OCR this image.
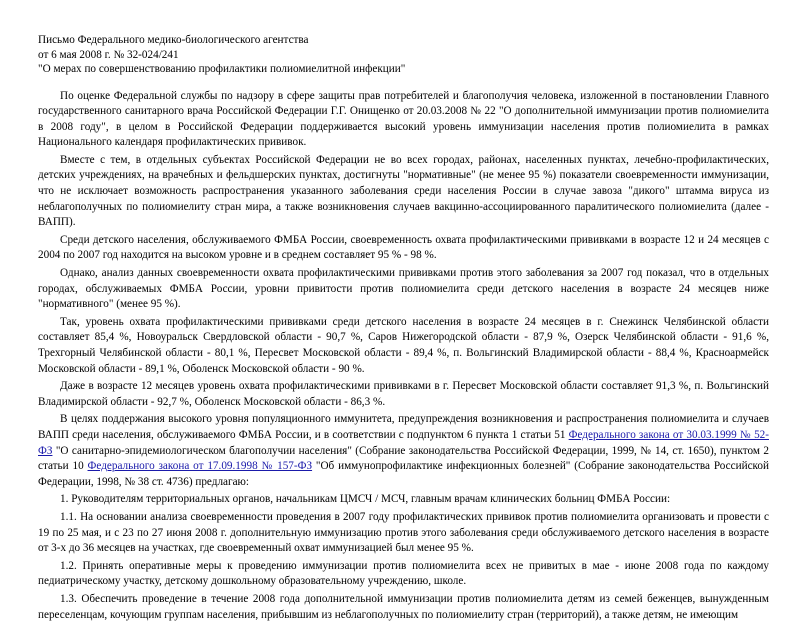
Письмо Федерального медико-биологического агентства
от 6 мая 2008 г. № 32-024/241
"О мерах по совершенствованию профилактики полиомиелитной инфекции"

По оценке Федеральной службы по надзору в сфере защиты прав потребителей и благополучия человека, изложенной в постановлении Главного государственного санитарного врача Российской Федерации Г.Г. Онищенко от 20.03.2008 № 22 "О дополнительной иммунизации против полиомиелита в 2008 году", в целом в Российской Федерации поддерживается высокий уровень иммунизации населения против полиомиелита в рамках Национального календаря профилактических прививок.

Вместе с тем, в отдельных субъектах Российской Федерации не во всех городах, районах, населенных пунктах, лечебно-профилактических, детских учреждениях, на врачебных и фельдшерских пунктах, достигнуты "нормативные" (не менее 95 %) показатели своевременности иммунизации, что не исключает возможность распространения указанного заболевания среди населения России в случае завоза "дикого" штамма вируса из неблагополучных по полиомиелиту стран мира, а также возникновения случаев вакцинно-ассоциированного паралитического полиомиелита (далее - ВАПП).

Среди детского населения, обслуживаемого ФМБА России, своевременность охвата профилактическими прививками в возрасте 12 и 24 месяцев с 2004 по 2007 год находится на высоком уровне и в среднем составляет 95 % - 98 %.

Однако, анализ данных своевременности охвата профилактическими прививками против этого заболевания за 2007 год показал, что в отдельных городах, обслуживаемых ФМБА России, уровни привитости против полиомиелита среди детского населения в возрасте 24 месяцев ниже "нормативного" (менее 95 %).

Так, уровень охвата профилактическими прививками среди детского населения в возрасте 24 месяцев в г. Снежинск Челябинской области составляет 85,4 %, Новоуральск Свердловской области - 90,7 %, Саров Нижегородской области - 87,9 %, Озерск Челябинской области - 91,6 %, Трехгорный Челябинской области - 80,1 %, Пересвет Московской области - 89,4 %, п. Вольгинский Владимирской области - 88,4 %, Красноармейск Московской области - 89,1 %, Оболенск Московской области - 90 %.

Даже в возрасте 12 месяцев уровень охвата профилактическими прививками в г. Пересвет Московской области составляет 91,3 %, п. Вольгинский Владимирской области - 92,7 %, Оболенск Московской области - 86,3 %.

В целях поддержания высокого уровня популяционного иммунитета, предупреждения возникновения и распространения полиомиелита и случаев ВАПП среди населения, обслуживаемого ФМБА России, и в соответствии с подпунктом 6 пункта 1 статьи 51 Федерального закона от 30.03.1999 № 52-ФЗ "О санитарно-эпидемиологическом благополучии населения" (Собрание законодательства Российской Федерации, 1999, № 14, ст. 1650), пунктом 2 статьи 10 Федерального закона от 17.09.1998 № 157-ФЗ "Об иммунопрофилактике инфекционных болезней" (Собрание законодательства Российской Федерации, 1998, № 38 ст. 4736) предлагаю:

1. Руководителям территориальных органов, начальникам ЦМСЧ / МСЧ, главным врачам клинических больниц ФМБА России:

1.1. На основании анализа своевременности проведения в 2007 году профилактических прививок против полиомиелита организовать и провести с 19 по 25 мая, и с 23 по 27 июня 2008 г. дополнительную иммунизацию против этого заболевания среди обслуживаемого детского населения в возрасте от 3-х до 36 месяцев на участках, где своевременный охват иммунизацией был менее 95 %.

1.2. Принять оперативные меры к проведению иммунизации против полиомиелита всех не привитых в мае - июне 2008 года по каждому педиатрическому участку, детскому дошкольному образовательному учреждению, школе.

1.3. Обеспечить проведение в течение 2008 года дополнительной иммунизации против полиомиелита детям из семей беженцев, вынужденным переселенцам, кочующим группам населения, прибывшим из неблагополучных по полиомиелиту стран (территорий), а также детям, не имеющим
